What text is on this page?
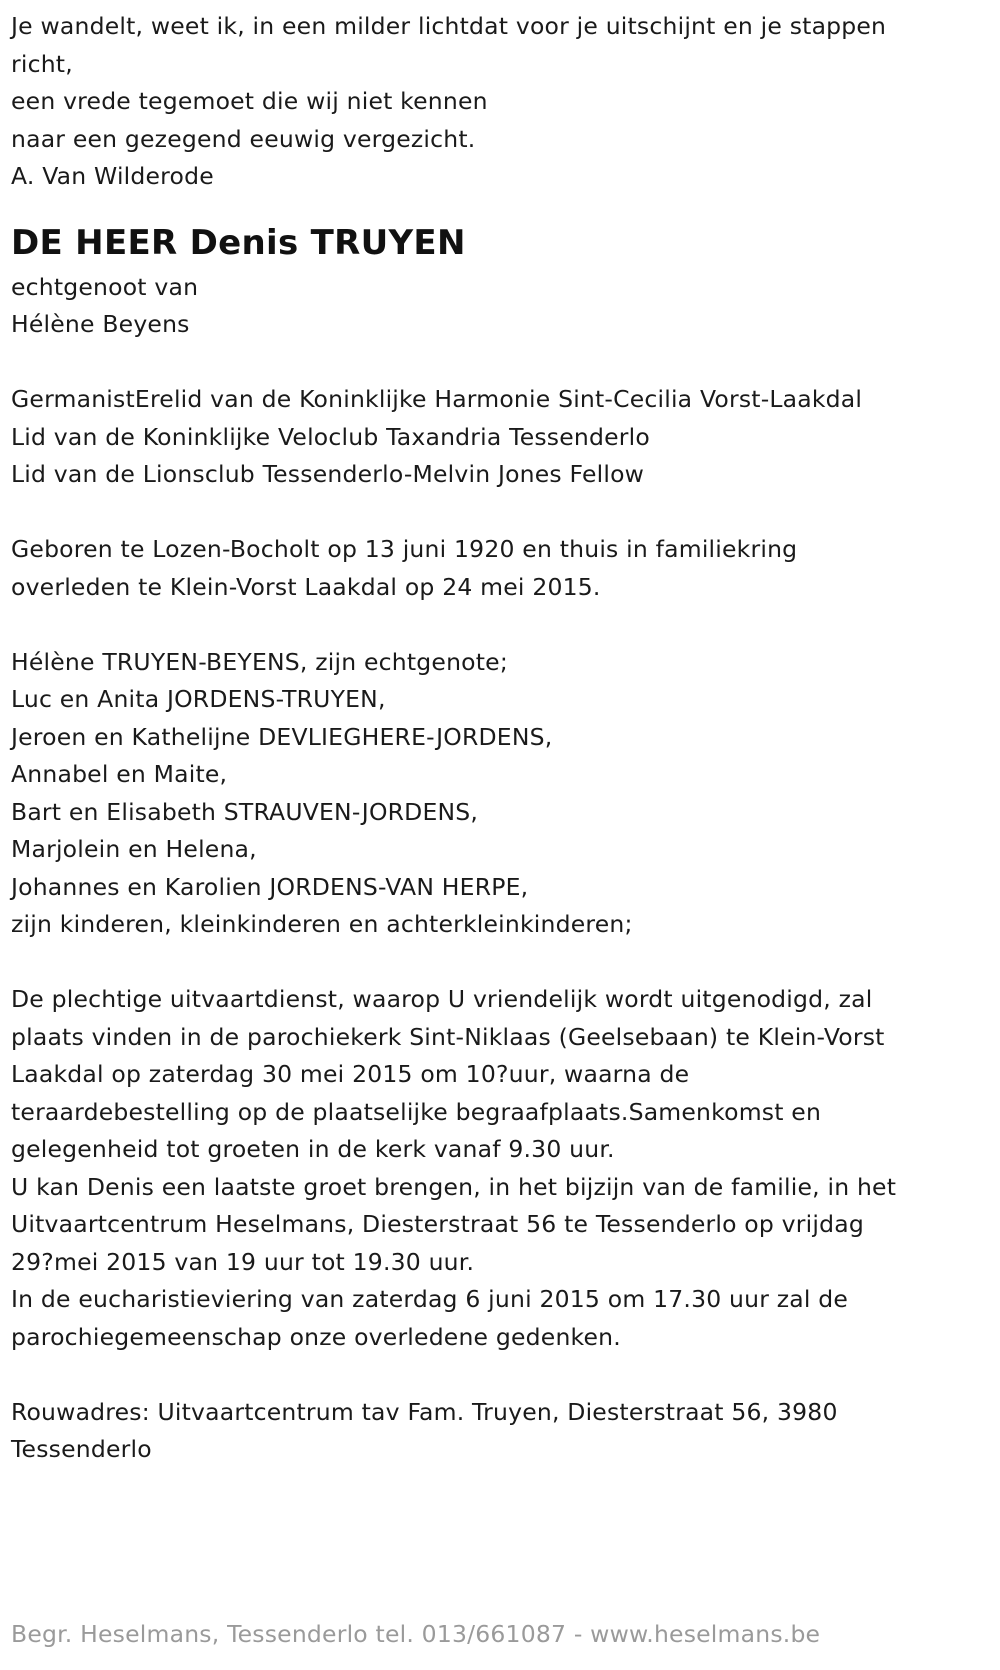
Je wandelt, weet ik, in een milder lichtdat voor je uitschijnt en je stappen
richt,
een vrede tegemoet die wij niet kennen
naar een gezegend eeuwig vergezicht.
A. Van Wilderode
DE HEER Denis TRUYEN
echtgenoot van
Hélène Beyens
GermanistErelid van de Koninklijke Harmonie Sint-Cecilia Vorst-Laakdal
Lid van de Koninklijke Veloclub Taxandria Tessenderlo
Lid van de Lionsclub Tessenderlo-Melvin Jones Fellow
Geboren te Lozen-Bocholt op 13 juni 1920 en thuis in familiekring
overleden te Klein-Vorst Laakdal op 24 mei 2015.
Hélène TRUYEN-BEYENS, zijn echtgenote;
Luc en Anita JORDENS-TRUYEN,
Jeroen en Kathelijne DEVLIEGHERE-JORDENS,
Annabel en Maite,
Bart en Elisabeth STRAUVEN-JORDENS,
Marjolein en Helena,
Johannes en Karolien JORDENS-VAN HERPE,
zijn kinderen, kleinkinderen en achterkleinkinderen;
De plechtige uitvaartdienst, waarop U vriendelijk wordt uitgenodigd, zal
plaats vinden in de parochiekerk Sint-Niklaas (Geelsebaan) te Klein-Vorst
Laakdal op zaterdag 30 mei 2015 om 10?uur, waarna de
teraardebestelling op de plaatselijke begraafplaats.Samenkomst en
gelegenheid tot groeten in de kerk vanaf 9.30 uur.
U kan Denis een laatste groet brengen, in het bijzijn van de familie, in het
Uitvaartcentrum Heselmans, Diesterstraat 56 te Tessenderlo op vrijdag
29?mei 2015 van 19 uur tot 19.30 uur.
In de eucharistieviering van zaterdag 6 juni 2015 om 17.30 uur zal de
parochiegemeenschap onze overledene gedenken.
Rouwadres: Uitvaartcentrum tav Fam. Truyen, Diesterstraat 56, 3980
Tessenderlo
Begr. Heselmans, Tessenderlo tel. 013/661087 - www.heselmans.be
